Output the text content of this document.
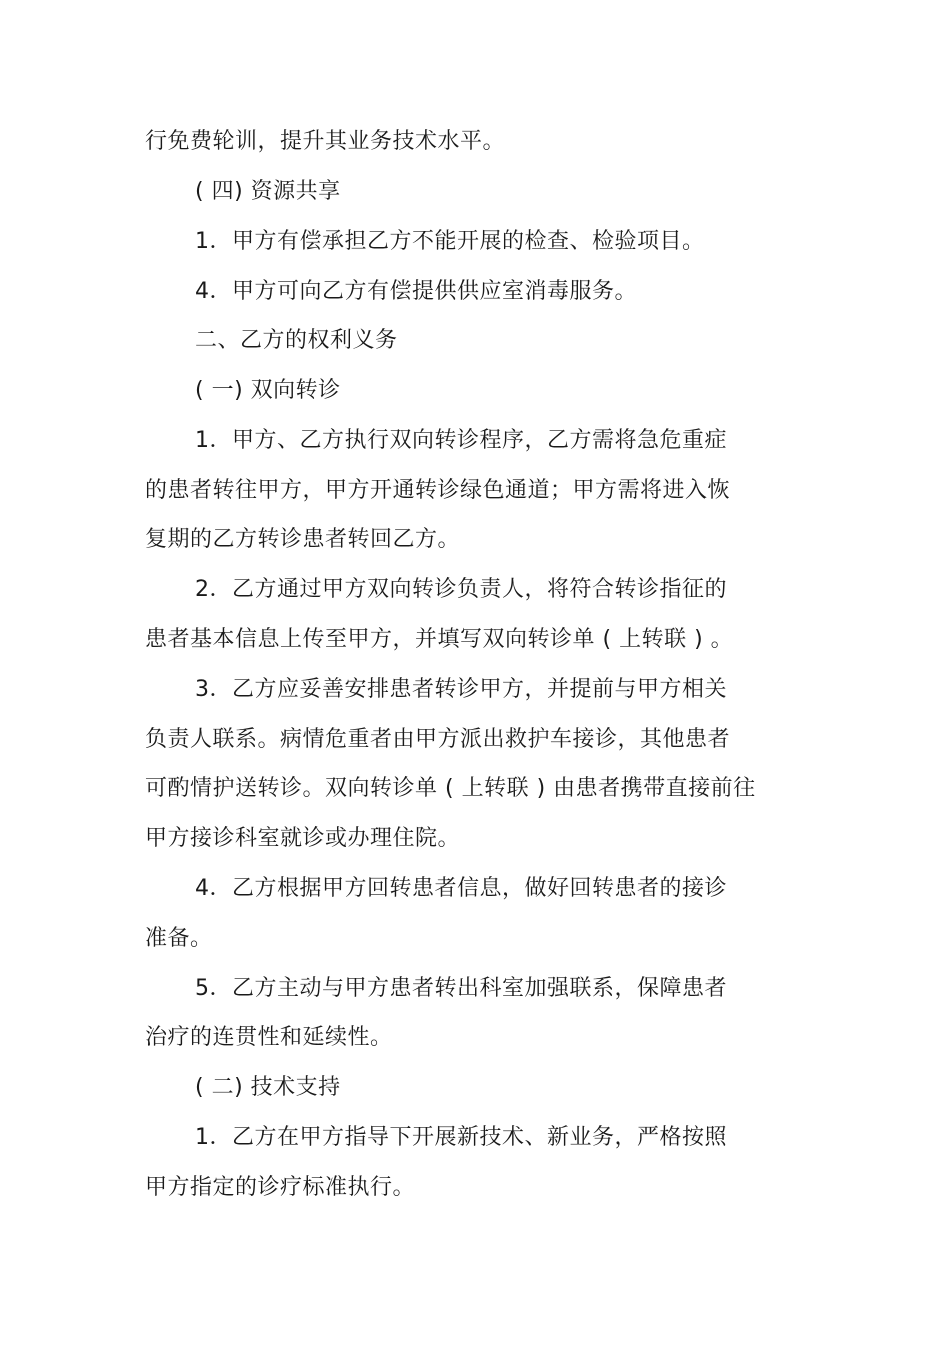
行免费轮训，提升其业务技术水平。
( 四) 资源共享
1．甲方有偿承担乙方不能开展的检查、检验项目。
4．甲方可向乙方有偿提供供应室消毒服务。
二、乙方的权利义务
( 一) 双向转诊
1．甲方、乙方执行双向转诊程序，乙方需将急危重症
的患者转往甲方，甲方开通转诊绿色通道；甲方需将进入恢
复期的乙方转诊患者转回乙方。
2．乙方通过甲方双向转诊负责人，将符合转诊指征的
患者基本信息上传至甲方，并填写双向转诊单 ( 上转联 ) 。
3．乙方应妥善安排患者转诊甲方，并提前与甲方相关
负责人联系。病情危重者由甲方派出救护车接诊，其他患者
可酌情护送转诊。双向转诊单 ( 上转联 ) 由患者携带直接前往
甲方接诊科室就诊或办理住院。
4．乙方根据甲方回转患者信息，做好回转患者的接诊
准备。
5．乙方主动与甲方患者转出科室加强联系，保障患者
治疗的连贯性和延续性。
( 二) 技术支持
1．乙方在甲方指导下开展新技术、新业务，严格按照
甲方指定的诊疗标准执行。
